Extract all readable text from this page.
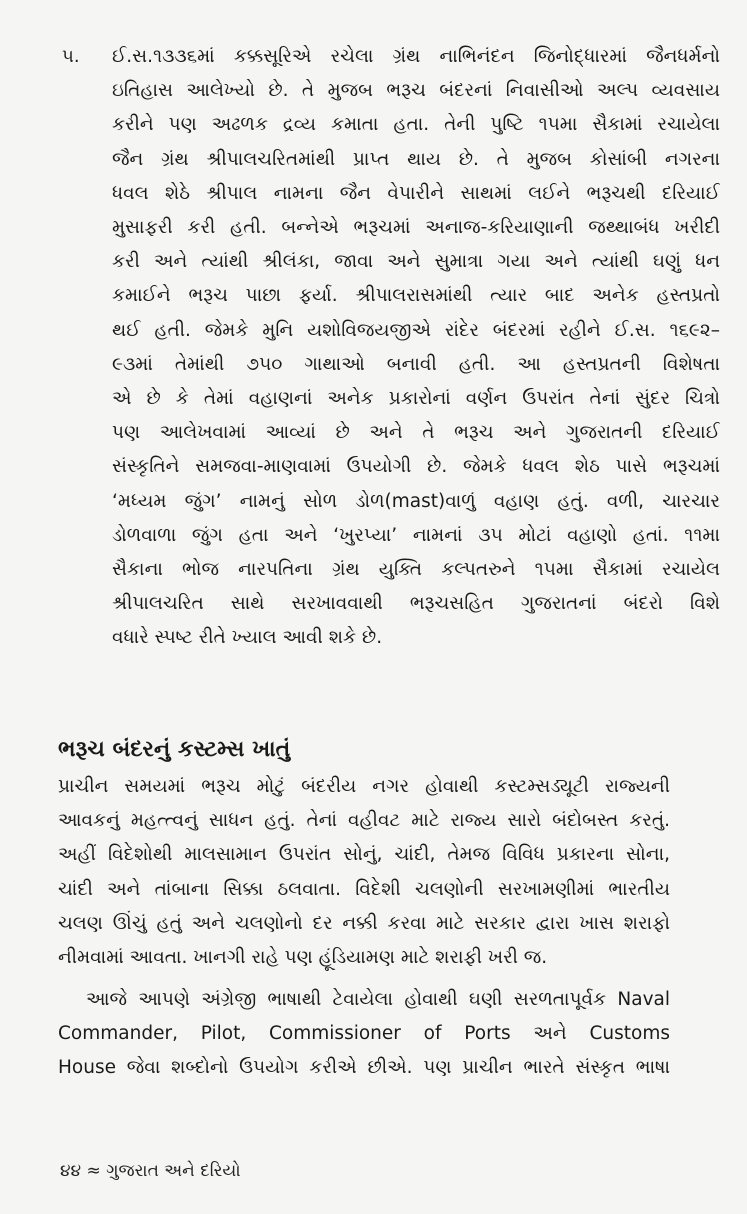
૫. ઈ.સ.૧૩૩૬માં કક્કસૂરિએ રચેલા ગ્રંથ નાભિનંદન જિનોદ્ધારમાં જૈનધર્મનો
ઇતિહાસ આલેખ્યો છે. તે મુજબ ભરૂચ બંદરનાં નિવાસીઓ અલ્પ વ્યવસાય
કરીને પણ અઢળક દ્રવ્ય કમાતા હતા. તેની પુષ્ટિ ૧૫મા સૈકામાં રચાયેલા
જૈન ગ્રંથ શ્રીપાલચરિતમાંથી પ્રાપ્ત થાય છે. તે મુજબ કોસાંબી નગરના
ધવલ શેઠે શ્રીપાલ નામના જૈન વેપારીને સાથમાં લઈને ભરૂચથી દરિયાઈ
મુસાફરી કરી હતી. બન્નેએ ભરૂચમાં અનાજ-કરિયાણાની જથ્થાબંધ ખરીદી
કરી અને ત્યાંથી શ્રીલંકા, જાવા અને સુમાત્રા ગયા અને ત્યાંથી ઘણું ધન
કમાઈને ભરૂચ પાછા ફર્યા. શ્રીપાલરાસમાંથી ત્યાર બાદ અનેક હસ્તપ્રતો
થઈ હતી. જેમકે મુનિ યશોવિજયજીએ રાંદેર બંદરમાં રહીને ઈ.સ. ૧૬૯૨–
૯૩માં તેમાંથી ૭૫૦ ગાથાઓ બનાવી હતી. આ હસ્તપ્રતની વિશેષતા
એ છે કે તેમાં વહાણનાં અનેક પ્રકારોનાં વર્ણન ઉપરાંત તેનાં સુંદર ચિત્રો
પણ આલેખવામાં આવ્યાં છે અને તે ભરૂચ અને ગુજરાતની દરિયાઈ
સંસ્કૃતિને સમજવા-માણવામાં ઉપયોગી છે. જેમકે ધવલ શેઠ પાસે ભરૂચમાં
‘મધ્યમ જુંગ’ નામનું સોળ ડોળ(mast)વાળું વહાણ હતું. વળી, ચારચાર
ડોળવાળા જુંગ હતા અને ‘ખુરપ્યા’ નામનાં ૩૫ મોટાં વહાણો હતાં. ૧૧મા
સૈકાના ભોજ નારપતિના ગ્રંથ યુક્તિ કલ્પતરુને ૧૫મા સૈકામાં રચાયેલ
શ્રીપાલચરિત સાથે સરખાવવાથી ભરૂચસહિત ગુજરાતનાં બંદરો વિશે
વધારે સ્પષ્ટ રીતે ખ્યાલ આવી શકે છે.
ભરૂચ બંદરનું કસ્ટમ્સ ખાતું
પ્રાચીન સમયમાં ભરૂચ મોટું બંદરીય નગર હોવાથી કસ્ટમ્સડ્યૂટી રાજ્યની
આવકનું મહત્ત્વનું સાધન હતું. તેનાં વહીવટ માટે રાજ્ય સારો બંદોબસ્ત કરતું.
અહીં વિદેશોથી માલસામાન ઉપરાંત સોનું, ચાંદી, તેમજ વિવિધ પ્રકારના સોના,
ચાંદી અને તાંબાના સિક્કા ઠલવાતા. વિદેશી ચલણોની સરખામણીમાં ભારતીય
ચલણ ઊંચું હતું અને ચલણોનો દર નક્કી કરવા માટે સરકાર દ્વારા ખાસ શરાફો
નીમવામાં આવતા. ખાનગી રાહે પણ હૂંડિયામણ માટે શરાફી ખરી જ.
આજે આપણે અંગ્રેજી ભાષાથી ટેવાયેલા હોવાથી ઘણી સરળતાપૂર્વક Naval
Commander, Pilot, Commissioner of Ports અને Customs
House જેવા શબ્દોનો ઉપયોગ કરીએ છીએ. પણ પ્રાચીન ભારતે સંસ્કૃત ભાષા
૪૪ ≈ ગુજરાત અને દરિયો
